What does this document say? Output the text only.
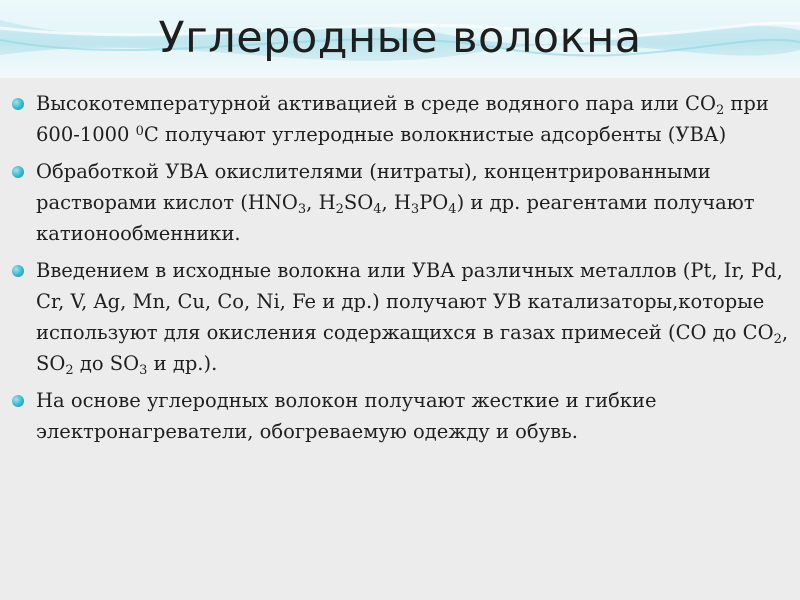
Углеродные волокна
Высокотемпературной активацией в среде водяного пара или $CO_2$ при 600-1000 $^0$С получают углеродные волокнистые адсорбенты (УВА)
Обработкой УВА окислителями (нитраты), концентрированными растворами кислот ($HNO_3$, $H_2SO_4$, $H_3PO_4$) и др. реагентами получают катионообменники.
Введением в исходные волокна или УВА различных металлов (Pt, Ir, Pd, Cr, V, Ag, Mn, Cu, Co, Ni, Fe и др.) получают УВ катализаторы,которые используют для окисления содержащихся в газах примесей (CO до $CO_2$, $SO_2$ до $SO_3$ и др.).
На основе углеродных волокон получают жесткие и гибкие электронагреватели, обогреваемую одежду и обувь.
